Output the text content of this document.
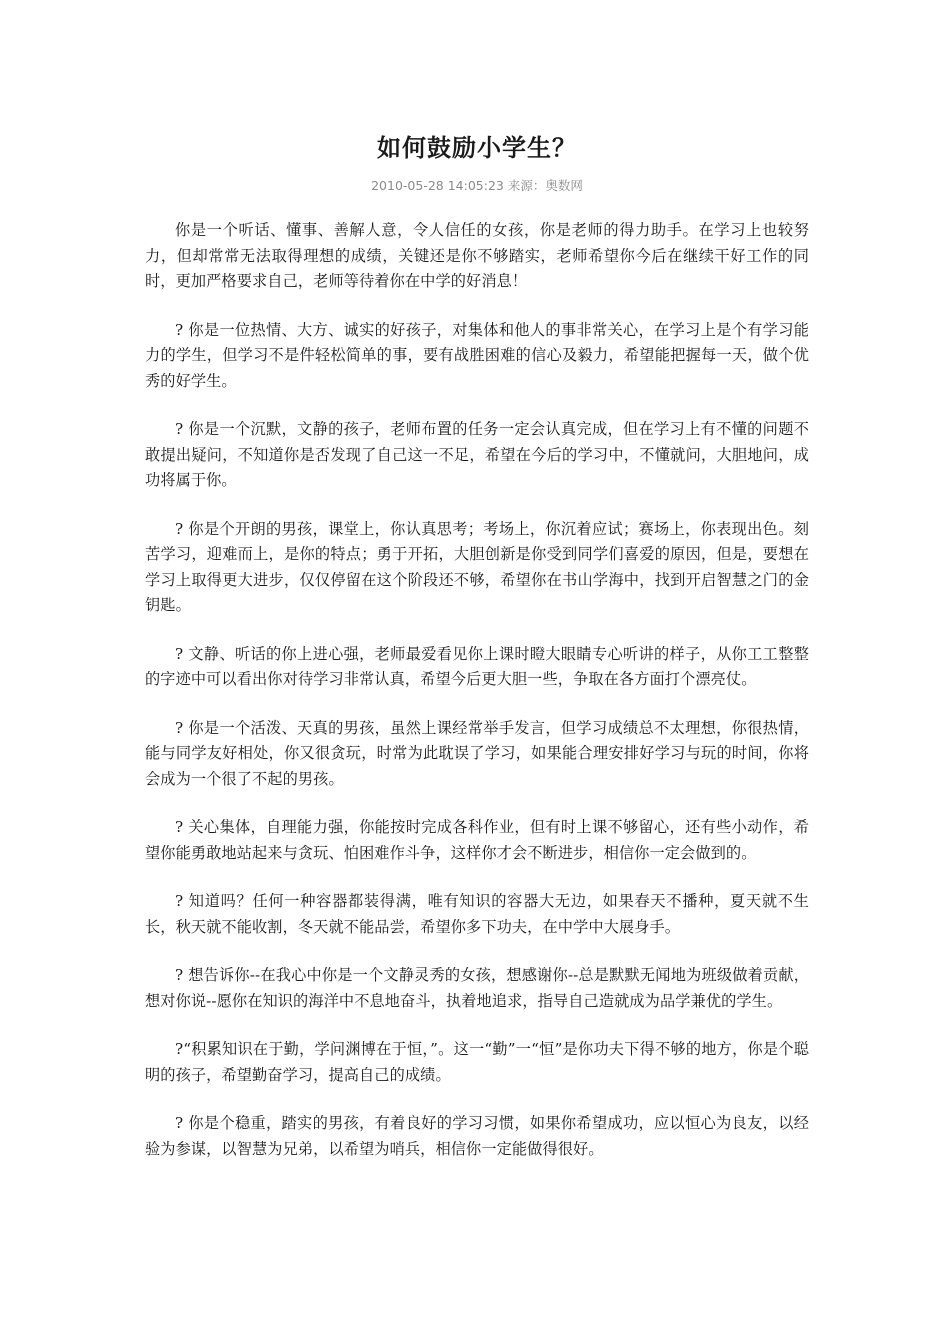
如何鼓励小学生？
2010-05-28 14:05:23 来源：奥数网

你是一个听话、懂事、善解人意，令人信任的女孩，你是老师的得力助手。在学习上也较努力，但却常常无法取得理想的成绩，关键还是你不够踏实，老师希望你今后在继续干好工作的同时，更加严格要求自己，老师等待着你在中学的好消息！

? 你是一位热情、大方、诚实的好孩子，对集体和他人的事非常关心，在学习上是个有学习能力的学生，但学习不是件轻松简单的事，要有战胜困难的信心及毅力，希望能把握每一天，做个优秀的好学生。

? 你是一个沉默，文静的孩子，老师布置的任务一定会认真完成，但在学习上有不懂的问题不敢提出疑问，不知道你是否发现了自己这一不足，希望在今后的学习中，不懂就问，大胆地问，成功将属于你。

? 你是个开朗的男孩，课堂上，你认真思考；考场上，你沉着应试；赛场上，你表现出色。刻苦学习，迎难而上，是你的特点；勇于开拓，大胆创新是你受到同学们喜爱的原因，但是，要想在学习上取得更大进步，仅仅停留在这个阶段还不够，希望你在书山学海中，找到开启智慧之门的金钥匙。

? 文静、听话的你上进心强，老师最爱看见你上课时瞪大眼睛专心听讲的样子，从你工工整整的字迹中可以看出你对待学习非常认真，希望今后更大胆一些，争取在各方面打个漂亮仗。

? 你是一个活泼、天真的男孩，虽然上课经常举手发言，但学习成绩总不太理想，你很热情，能与同学友好相处，你又很贪玩，时常为此耽误了学习，如果能合理安排好学习与玩的时间，你将会成为一个很了不起的男孩。

? 关心集体，自理能力强，你能按时完成各科作业，但有时上课不够留心，还有些小动作，希望你能勇敢地站起来与贪玩、怕困难作斗争，这样你才会不断进步，相信你一定会做到的。

? 知道吗？任何一种容器都装得满，唯有知识的容器大无边，如果春天不播种，夏天就不生长，秋天就不能收割，冬天就不能品尝，希望你多下功夫，在中学中大展身手。

? 想告诉你--在我心中你是一个文静灵秀的女孩，想感谢你--总是默默无闻地为班级做着贡献，想对你说--愿你在知识的海洋中不息地奋斗，执着地追求，指导自己造就成为品学兼优的学生。

?“积累知识在于勤，学问渊博在于恒，”。这一“勤”一“恒”是你功夫下得不够的地方，你是个聪明的孩子，希望勤奋学习，提高自己的成绩。

? 你是个稳重，踏实的男孩，有着良好的学习习惯，如果你希望成功，应以恒心为良友，以经验为参谋，以智慧为兄弟，以希望为哨兵，相信你一定能做得很好。
